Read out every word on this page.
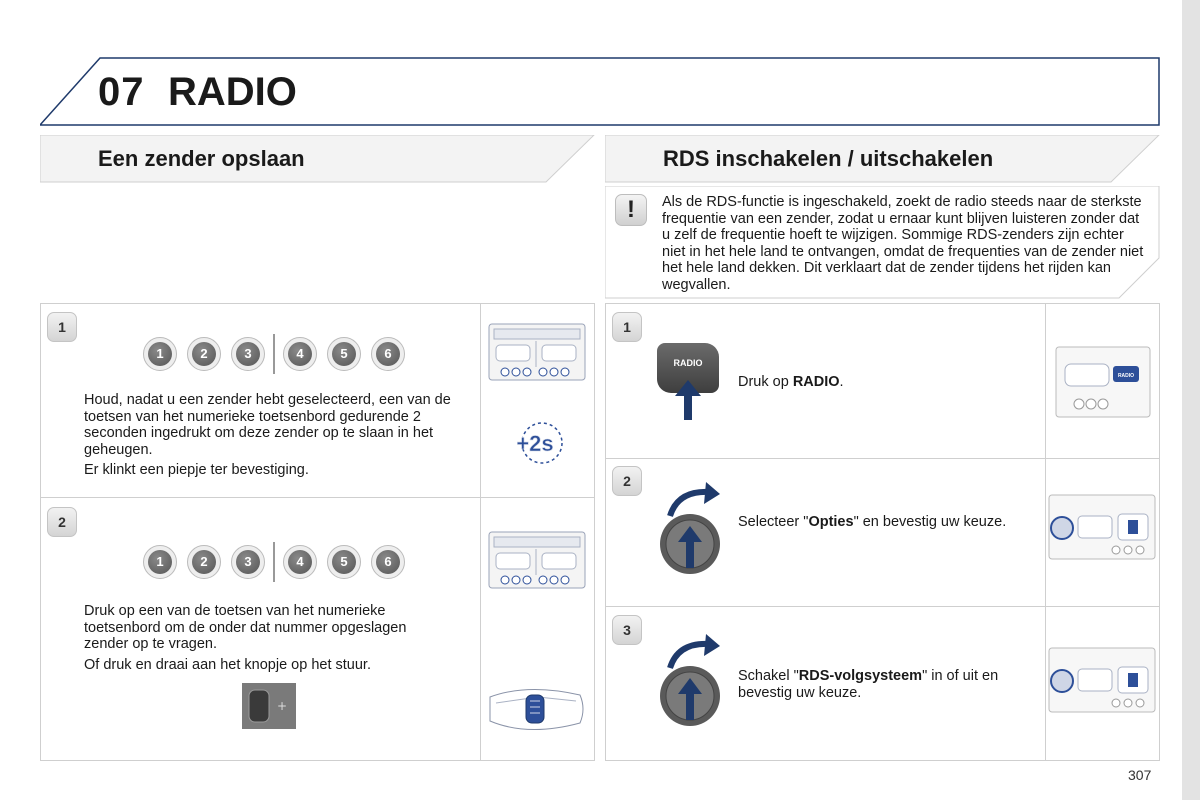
07 RADIO
Een zender opslaan	RDS inschakelen / uitschakelen
!	Als de RDS-functie is ingeschakeld, zoekt de radio steeds naar de sterkste frequentie van een zender, zodat u ernaar kunt blijven luisteren zonder dat u zelf de frequentie hoeft te wijzigen. Sommige RDS-zenders zijn echter niet in het hele land te ontvangen, omdat de frequenties van de zender niet het hele land dekken. Dit verklaart dat de zender tijdens het rijden kan wegvallen.
1
1	2	3	4	5	6

Houd, nadat u een zender hebt geselecteerd, een van de toetsen van het numerieke toetsenbord gedurende 2 seconden ingedrukt om deze zender op te slaan in het geheugen.

Er klinkt een piepje ter bevestiging.

+2s
2
1	2	3	4	5	6

Druk op een van de toetsen van het numerieke toetsenbord om de onder dat nummer opgeslagen zender op te vragen.

Of druk en draai aan het knopje op het stuur.

+
1
RADIO
Druk op RADIO.	RADIO
2
Selecteer "Opties" en bevestig uw keuze.
3
Schakel "RDS-volgsysteem" in of uit en bevestig uw keuze.
307
